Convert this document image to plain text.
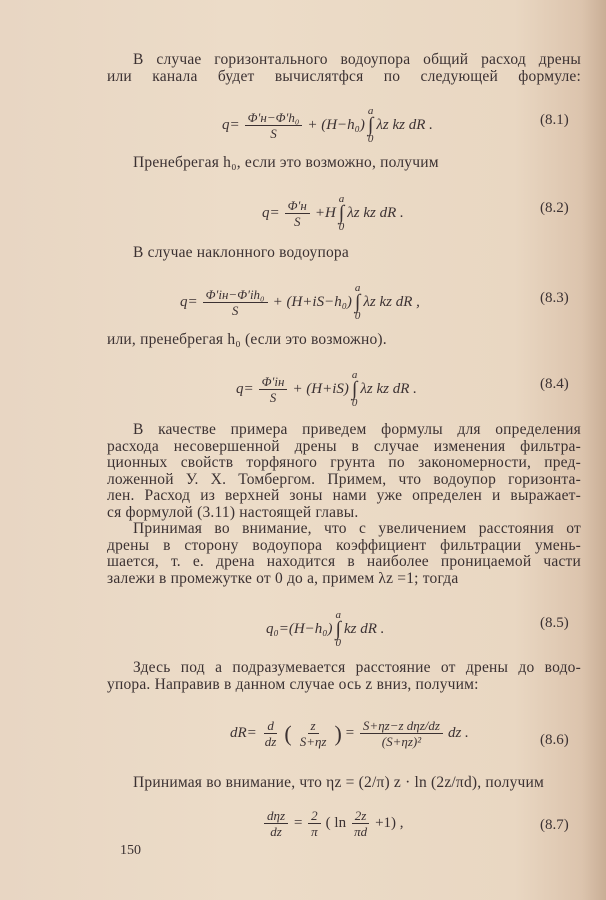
В случае горизонтального водоупора общий расход дрены
или канала будет вычислятфся по следующей формуле:
$q= \frac{\text{Φ′н−Φ′h₀}}{S} + (H-h_0)$
a
∫
0
λz kz dR .	(8.1)
Пренебрегая h₀, если это возможно, получим
$q= \frac{\Phi'н}{S} +H$
a
∫
0
λz kz dR .	(8.2)
В случае наклонного водоупора
$q= \frac{\text{Φ′iн−Φ′ih₀}}{S} + (H+iS-h_0)$
a
∫
0
λz kz dR ,	(8.3)
или, пренебрегая h₀ (если это возможно).
$q= \frac{\Phi'iн}{S} + (H+iS)$
a
∫
0
λz kz dR .	(8.4)
В качестве примера приведем формулы для определения
расхода несовершенной дрены в случае изменения фильтра-
ционных свойств торфяного грунта по закономерности, пред-
ложенной У. Х. Томбергом. Примем, что водоупор горизонта-
лен. Расход из верхней зоны нами уже определен и выражает-
ся формулой (3.11) настоящей главы.
Принимая во внимание, что с увеличением расстояния от
дрены в сторону водоупора коэффициент фильтрации умень-
шается, т. е. дрена находится в наиболее проницаемой части
залежи в промежутке от 0 до a, примем λz =1; тогда
q₀=(H−h₀)
a
∫
0
kz dR .	(8.5)
Здесь под a подразумевается расстояние от дрены до водо-
упора. Направив в данном случае ось z вниз, получим:
$dR= \frac{d}{dz}$ ( $\frac{z}{S+\eta z}$ ) = $\frac{\text{S+ηz−z dηz/dz}}{\text{(S+ηz)²}}$ dz .	(8.6)
Принимая во внимание, что ηz = (2/π) z · ln (2z/πd), получим
$\frac{\text{dηz}}{dz} = \frac{2}{\pi}$ ( $\ln \frac{2z}{\pi d} +1$) ,	(8.7)
150
